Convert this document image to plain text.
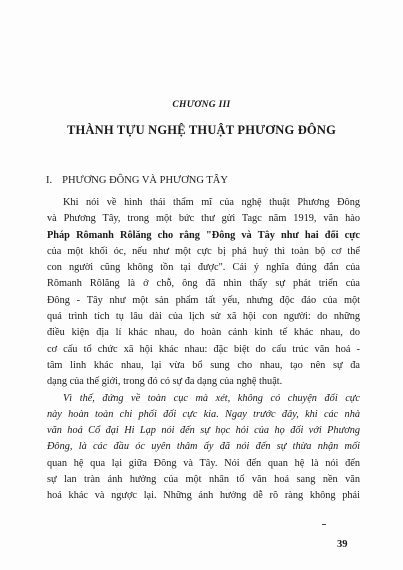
CHƯƠNG III
THÀNH TỰU NGHỆ THUẬT PHƯƠNG ĐÔNG
I. PHƯƠNG ĐÔNG VÀ PHƯƠNG TÂY
Khi nói về hình thái thẩm mĩ của nghệ thuật Phương Đông
và Phương Tây, trong một bức thư gửi Tagc năm 1919, văn hào
Pháp Rômanh Rôlăng cho rằng "Đông và Tây như hai đối cực
của một khối óc, nếu như một cực bị phá huỷ thì toàn bộ cơ thể
con người cũng không tồn tại được". Cái ý nghĩa đúng đắn của
Rômanh Rôlăng là ở chỗ, ông đã nhìn thấy sự phát triển của
Đông - Tây như một sản phẩm tất yếu, nhưng độc đáo của một
quá trình tích tụ lâu dài của lịch sử xã hội con người: do những
điều kiện địa lí khác nhau, do hoàn cảnh kinh tế khác nhau, do
cơ cấu tổ chức xã hội khác nhau: đặc biệt do cấu trúc văn hoá -
tâm linh khác nhau, lại vừa bổ sung cho nhau, tạo nên sự đa
dạng của thế giới, trong đó có sự đa dạng của nghệ thuật.
Vì thế, đứng về toàn cục mà xét, không có chuyện đối cực
này hoàn toàn chi phối đối cực kia. Ngay trước đây, khi các nhà
văn hoá Cổ đại Hi Lạp nói đến sự học hỏi của họ đối với Phương
Đông, là các đầu óc uyên thâm ấy đã nói đến sự thừa nhận mối
quan hệ qua lại giữa Đông và Tây. Nói đến quan hệ là nói đến
sự lan tràn ảnh hưởng của một nhân tố văn hoá sang nền văn
hoá khác và ngược lại. Những ảnh hưởng dễ rõ ràng không phải
39
